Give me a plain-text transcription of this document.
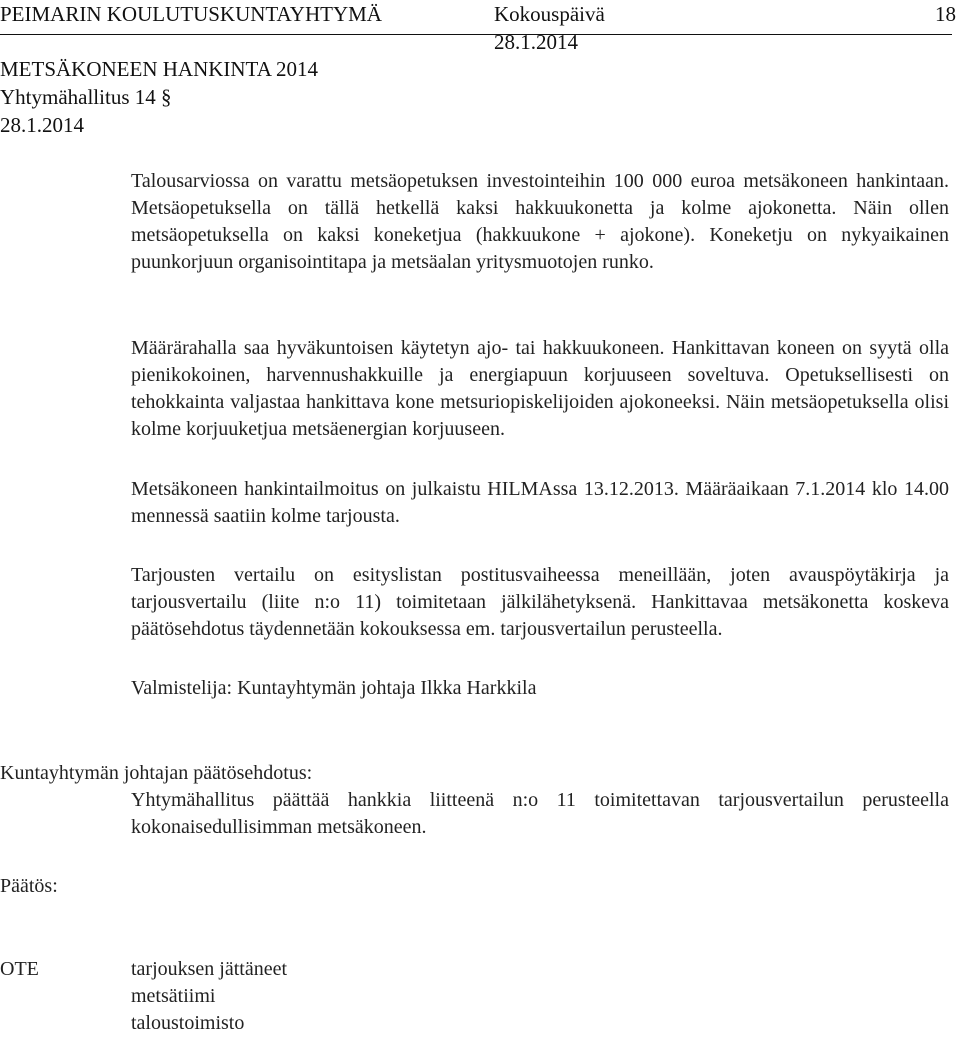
PEIMARIN KOULUTUSKUNTAYHTYMÄ	Kokouspäivä	18
28.1.2014
METSÄKONEEN HANKINTA 2014
Yhtymähallitus 14 §
28.1.2014
Talousarviossa on varattu metsäopetuksen investointeihin 100 000 euroa metsäkoneen hankintaan. Metsäopetuksella on tällä hetkellä kaksi hakkuukonetta ja kolme ajokonetta. Näin ollen metsäopetuksella on kaksi koneketjua (hakkuukone + ajokone). Koneketju on nykyaikainen puunkorjuun organisointitapa ja metsäalan yritysmuotojen runko.
Määrärahalla saa hyväkuntoisen käytetyn ajo- tai hakkuukoneen. Hankittavan koneen on syytä olla pienikokoinen, harvennushakkuille ja energiapuun korjuuseen soveltuva. Opetuksellisesti on tehokkainta valjastaa hankittava kone metsuriopiskelijoiden ajokoneeksi. Näin metsäopetuksella olisi kolme korjuuketjua metsäenergian korjuuseen.
Metsäkoneen hankintailmoitus on julkaistu HILMAssa 13.12.2013. Määräaikaan 7.1.2014 klo 14.00 mennessä saatiin kolme tarjousta.
Tarjousten vertailu on esityslistan postitusvaiheessa meneillään, joten avauspöytäkirja ja tarjousvertailu (liite n:o 11) toimitetaan jälkilähetyksenä. Hankittavaa metsäkonetta koskeva päätösehdotus täydennetään kokouksessa em. tarjousvertailun perusteella.
Valmistelija: Kuntayhtymän johtaja Ilkka Harkkila
Kuntayhtymän johtajan päätösehdotus:
Yhtymähallitus päättää hankkia liitteenä n:o 11 toimitettavan tarjousvertailun perusteella kokonaisedullisimman metsäkoneen.
Päätös:
OTE	tarjouksen jättäneet
metsätiimi
taloustoimisto
